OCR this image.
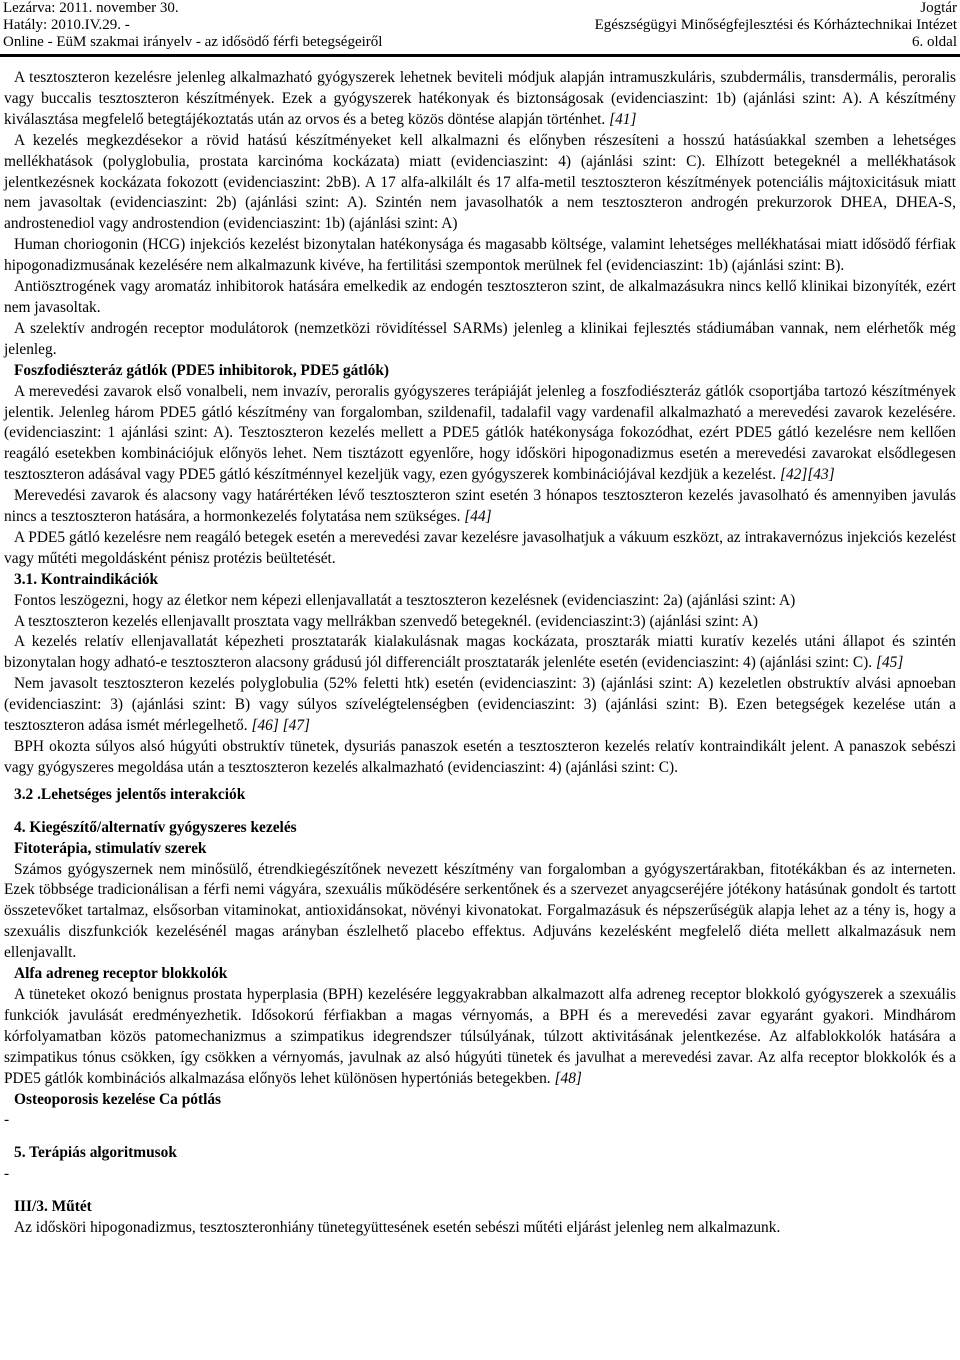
Lezárva: 2011. november 30.
Hatály: 2010.IV.29. -
Online - EüM szakmai irányelv - az idősödő férfi betegségeiről
Jogtár
Egészségügyi Minőségfejlesztési és Kórháztechnikai Intézet
6. oldal

A tesztoszteron kezelésre jelenleg alkalmazható gyógyszerek lehetnek beviteli módjuk alapján intramuszkuláris, szubdermális, transdermális, peroralis vagy buccalis tesztoszteron készítmények. Ezek a gyógyszerek hatékonyak és biztonságosak (evidenciaszint: 1b) (ajánlási szint: A). A készítmény kiválasztása megfelelő betegtájékoztatás után az orvos és a beteg közös döntése alapján történhet. [41]

A kezelés megkezdésekor a rövid hatású készítményeket kell alkalmazni és előnyben részesíteni a hosszú hatásúakkal szemben a lehetséges mellékhatások (polyglobulia, prostata karcinóma kockázata) miatt (evidenciaszint: 4) (ajánlási szint: C). Elhízott betegeknél a mellékhatások jelentkezésnek kockázata fokozott (evidenciaszint: 2bB). A 17 alfa-alkilált és 17 alfa-metil tesztoszteron készítmények potenciális májtoxicitásuk miatt nem javasoltak (evidenciaszint: 2b) (ajánlási szint: A). Szintén nem javasolhatók a nem tesztoszteron androgén prekurzorok DHEA, DHEA-S, androstenediol vagy androstendion (evidenciaszint: 1b) (ajánlási szint: A)

Human choriogonin (HCG) injekciós kezelést bizonytalan hatékonysága és magasabb költsége, valamint lehetséges mellékhatásai miatt idősödő férfiak hipogonadizmusának kezelésére nem alkalmazunk kivéve, ha fertilitási szempontok merülnek fel (evidenciaszint: 1b) (ajánlási szint: B).

Antiösztrogének vagy aromatáz inhibitorok hatására emelkedik az endogén tesztoszteron szint, de alkalmazásukra nincs kellő klinikai bizonyíték, ezért nem javasoltak.

A szelektív androgén receptor modulátorok (nemzetközi rövidítéssel SARMs) jelenleg a klinikai fejlesztés stádiumában vannak, nem elérhetők még jelenleg.

Foszfodiészteráz gátlók (PDE5 inhibitorok, PDE5 gátlók)

A merevedési zavarok első vonalbeli, nem invazív, peroralis gyógyszeres terápiáját jelenleg a foszfodiészteráz gátlók csoportjába tartozó készítmények jelentik. Jelenleg három PDE5 gátló készítmény van forgalomban, szildenafil, tadalafil vagy vardenafil alkalmazható a merevedési zavarok kezelésére. (evidenciaszint: 1 ajánlási szint: A). Tesztoszteron kezelés mellett a PDE5 gátlók hatékonysága fokozódhat, ezért PDE5 gátló kezelésre nem kellően reagáló esetekben kombinációjuk előnyös lehet. Nem tisztázott egyenlőre, hogy idősköri hipogonadizmus esetén a merevedési zavarokat elsődlegesen tesztoszteron adásával vagy PDE5 gátló készítménnyel kezeljük vagy, ezen gyógyszerek kombinációjával kezdjük a kezelést. [42][43]

Merevedési zavarok és alacsony vagy határértéken lévő tesztoszteron szint esetén 3 hónapos tesztoszteron kezelés javasolható és amennyiben javulás nincs a tesztoszteron hatására, a hormonkezelés folytatása nem szükséges. [44]

A PDE5 gátló kezelésre nem reagáló betegek esetén a merevedési zavar kezelésre javasolhatjuk a vákuum eszközt, az intrakavernózus injekciós kezelést vagy műtéti megoldásként pénisz protézis beültetését.

3.1. Kontraindikációk

Fontos leszögezni, hogy az életkor nem képezi ellenjavallatát a tesztoszteron kezelésnek (evidenciaszint: 2a) (ajánlási szint: A)

A tesztoszteron kezelés ellenjavallt prosztata vagy mellrákban szenvedő betegeknél. (evidenciaszint:3) (ajánlási szint: A)

A kezelés relatív ellenjavallatát képezheti prosztatarák kialakulásnak magas kockázata, prosztarák miatti kuratív kezelés utáni állapot és szintén bizonytalan hogy adható-e tesztoszteron alacsony grádusú jól differenciált prosztatarák jelenléte esetén (evidenciaszint: 4) (ajánlási szint: C). [45]

Nem javasolt tesztoszteron kezelés polyglobulia (52% feletti htk) esetén (evidenciaszint: 3) (ajánlási szint: A) kezeletlen obstruktív alvási apnoeban (evidenciaszint: 3) (ajánlási szint: B) vagy súlyos szívelégtelenségben (evidenciaszint: 3) (ajánlási szint: B). Ezen betegségek kezelése után a tesztoszteron adása ismét mérlegelhető. [46] [47]

BPH okozta súlyos alsó húgyúti obstruktív tünetek, dysuriás panaszok esetén a tesztoszteron kezelés relatív kontraindikált jelent. A panaszok sebészi vagy gyógyszeres megoldása után a tesztoszteron kezelés alkalmazható (evidenciaszint: 4) (ajánlási szint: C).

3.2 .Lehetséges jelentős interakciók

4. Kiegészítő/alternatív gyógyszeres kezelés

Fitoterápia, stimulatív szerek

Számos gyógyszernek nem minősülő, étrendkiegészítőnek nevezett készítmény van forgalomban a gyógyszertárakban, fitotékákban és az interneten. Ezek többsége tradicionálisan a férfi nemi vágyára, szexuális működésére serkentőnek és a szervezet anyagcseréjére jótékony hatásúnak gondolt és tartott összetevőket tartalmaz, elsősorban vitaminokat, antioxidánsokat, növényi kivonatokat. Forgalmazásuk és népszerűségük alapja lehet az a tény is, hogy a szexuális diszfunkciók kezelésénél magas arányban észlelhető placebo effektus. Adjuváns kezelésként megfelelő diéta mellett alkalmazásuk nem ellenjavallt.

Alfa adreneg receptor blokkolók

A tüneteket okozó benignus prostata hyperplasia (BPH) kezelésére leggyakrabban alkalmazott alfa adreneg receptor blokkoló gyógyszerek a szexuális funkciók javulását eredményezhetik. Idősokorú férfiakban a magas vérnyomás, a BPH és a merevedési zavar egyaránt gyakori. Mindhárom kórfolyamatban közös patomechanizmus a szimpatikus idegrendszer túlsúlyának, túlzott aktivitásának jelentkezése. Az alfablokkolók hatására a szimpatikus tónus csökken, így csökken a vérnyomás, javulnak az alsó húgyúti tünetek és javulhat a merevedési zavar. Az alfa receptor blokkolók és a PDE5 gátlók kombinációs alkalmazása előnyös lehet különösen hypertóniás betegekben. [48]

Osteoporosis kezelése Ca pótlás

-

5. Terápiás algoritmusok

-

III/3. Műtét

Az idősköri hipogonadizmus, tesztoszteronhiány tünetegyüttesének esetén sebészi műtéti eljárást jelenleg nem alkalmazunk.
